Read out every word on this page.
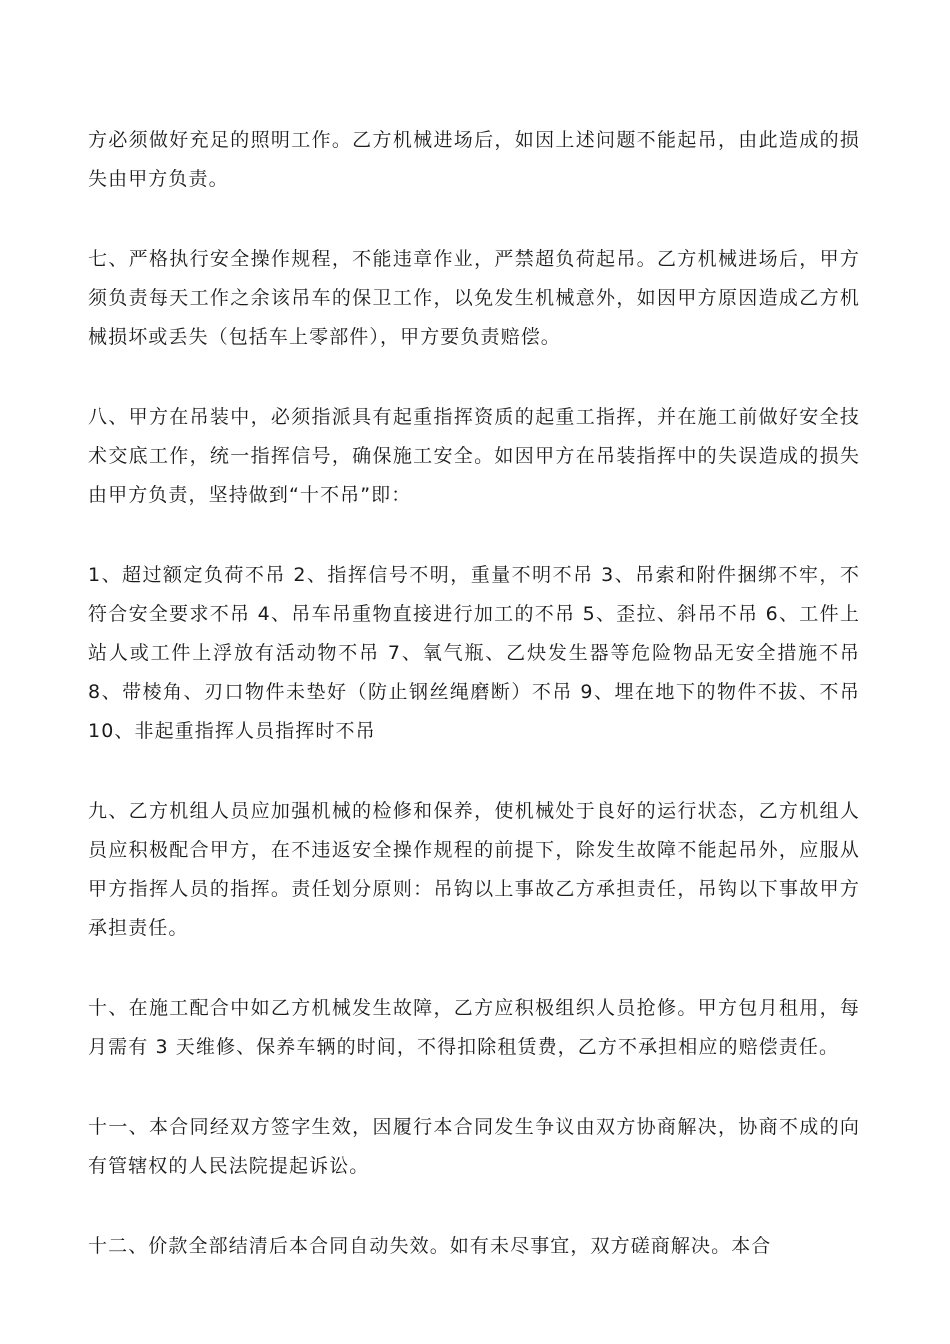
方必须做好充足的照明工作。乙方机械进场后，如因上述问题不能起吊，由此造成的损失由甲方负责。

七、严格执行安全操作规程，不能违章作业，严禁超负荷起吊。乙方机械进场后，甲方须负责每天工作之余该吊车的保卫工作，以免发生机械意外，如因甲方原因造成乙方机械损坏或丢失（包括车上零部件），甲方要负责赔偿。

八、甲方在吊装中，必须指派具有起重指挥资质的起重工指挥，并在施工前做好安全技术交底工作，统一指挥信号，确保施工安全。如因甲方在吊装指挥中的失误造成的损失由甲方负责，坚持做到“十不吊”即：

1、超过额定负荷不吊 2、指挥信号不明，重量不明不吊 3、吊索和附件捆绑不牢，不符合安全要求不吊 4、吊车吊重物直接进行加工的不吊 5、歪拉、斜吊不吊 6、工件上站人或工件上浮放有活动物不吊 7、氧气瓶、乙炔发生器等危险物品无安全措施不吊 8、带棱角、刃口物件未垫好（防止钢丝绳磨断）不吊 9、埋在地下的物件不拔、不吊 10、非起重指挥人员指挥时不吊

九、乙方机组人员应加强机械的检修和保养，使机械处于良好的运行状态，乙方机组人员应积极配合甲方，在不违返安全操作规程的前提下，除发生故障不能起吊外，应服从甲方指挥人员的指挥。责任划分原则：吊钩以上事故乙方承担责任，吊钩以下事故甲方承担责任。

十、在施工配合中如乙方机械发生故障，乙方应积极组织人员抢修。甲方包月租用，每月需有 3 天维修、保养车辆的时间，不得扣除租赁费，乙方不承担相应的赔偿责任。

十一、本合同经双方签字生效，因履行本合同发生争议由双方协商解决，协商不成的向有管辖权的人民法院提起诉讼。

十二、价款全部结清后本合同自动失效。如有未尽事宜，双方磋商解决。本合
